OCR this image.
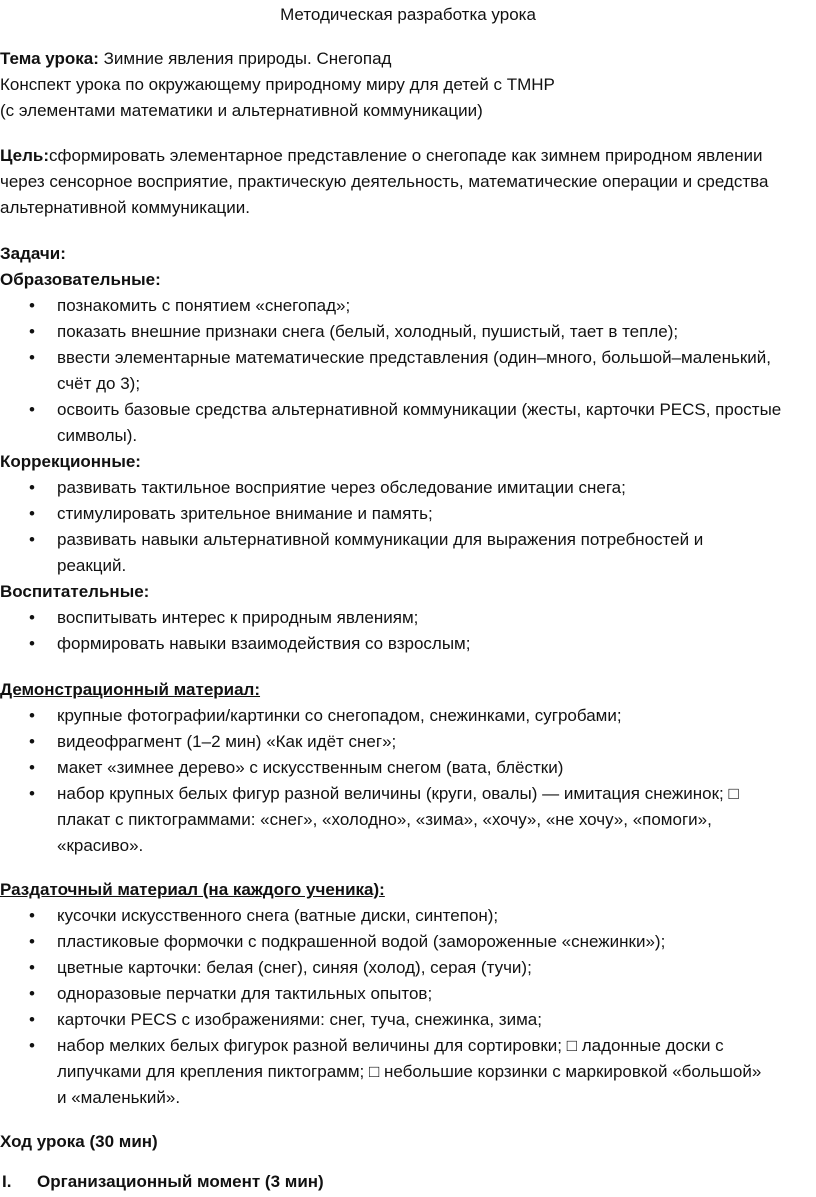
Методическая разработка урока
Тема урока: Зимние явления природы. Снегопад
Конспект урока по окружающему природному миру для детей с ТМНР
(с элементами математики и альтернативной коммуникации)
Цель:сформировать элементарное представление о снегопаде как зимнем природном явлении
через сенсорное восприятие, практическую деятельность, математические операции и средства
альтернативной коммуникации.
Задачи:
Образовательные:
• познакомить с понятием «снегопад»;
• показать внешние признаки снега (белый, холодный, пушистый, тает в тепле);
• ввести элементарные математические представления (один–много, большой–маленький,
счёт до 3);
• освоить базовые средства альтернативной коммуникации (жесты, карточки PECS, простые
символы).
Коррекционные:
• развивать тактильное восприятие через обследование имитации снега;
• стимулировать зрительное внимание и память;
• развивать навыки альтернативной коммуникации для выражения потребностей и
реакций.
Воспитательные:
• воспитывать интерес к природным явлениям;
• формировать навыки взаимодействия со взрослым;
Демонстрационный материал:
• крупные фотографии/картинки со снегопадом, снежинками, сугробами;
• видеофрагмент (1–2 мин) «Как идёт снег»;
• макет «зимнее дерево» с искусственным снегом (вата, блёстки)
• набор крупных белых фигур разной величины (круги, овалы) — имитация снежинок; □
плакат с пиктограммами: «снег», «холодно», «зима», «хочу», «не хочу», «помоги»,
«красиво».
Раздаточный материал (на каждого ученика):
• кусочки искусственного снега (ватные диски, синтепон);
• пластиковые формочки с подкрашенной водой (замороженные «снежинки»);
• цветные карточки: белая (снег), синяя (холод), серая (тучи);
• одноразовые перчатки для тактильных опытов;
• карточки PECS с изображениями: снег, туча, снежинка, зима;
• набор мелких белых фигурок разной величины для сортировки; □ ладонные доски с
липучками для крепления пиктограмм; □ небольшие корзинки с маркировкой «большой»
и «маленький».
Ход урока (30 мин)
I. Организационный момент (3 мин)
